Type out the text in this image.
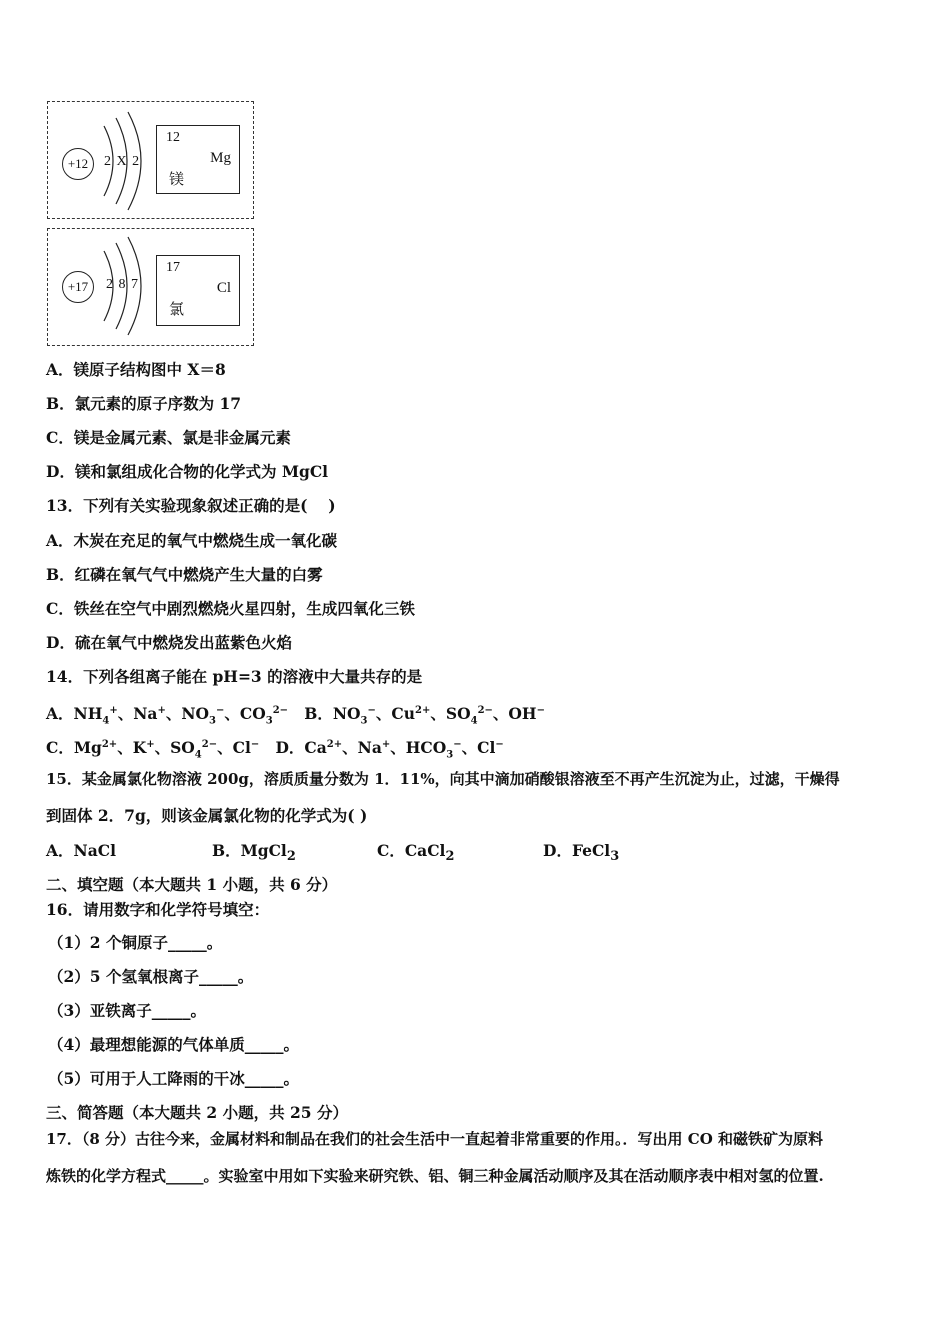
+12	2 X 2
12
Mg
镁
+17	2 8 7
17
Cl
氯
A．镁原子结构图中 X＝8
B．氯元素的原子序数为 17
C．镁是金属元素、氯是非金属元素
D．镁和氯组成化合物的化学式为 MgCl
13．下列有关实验现象叙述正确的是(　 )
A．木炭在充足的氧气中燃烧生成一氧化碳
B．红磷在氧气气中燃烧产生大量的白雾
C．铁丝在空气中剧烈燃烧火星四射，生成四氧化三铁
D．硫在氧气中燃烧发出蓝紫色火焰
14．下列各组离子能在 pH=3 的溶液中大量共存的是
A．$NH_4^+$、Na+、$NO_3^-$、$CO_3^{2-}$ B．$NO_3^-$、$Cu^{2+}$、$SO_4^{2-}$、OH−
C．$Mg^{2+}$、K+、$SO_4^{2-}$、Cl− D．$Ca^{2+}$、Na+、$HCO_3^-$、Cl−
15．某金属氯化物溶液 200g，溶质质量分数为 1．11%，向其中滴加硝酸银溶液至不再产生沉淀为止，过滤，干燥得
到固体 2．7g，则该金属氯化物的化学式为( )
A．NaCl	B．MgCl$_2$	C．CaCl$_2$	D．FeCl$_3$
二、填空题（本大题共 1 小题，共 6 分）
16．请用数字和化学符号填空：
（1）2 个铜原子_____。
（2）5 个氢氧根离子_____。
（3）亚铁离子_____。
（4）最理想能源的气体单质_____。
（5）可用于人工降雨的干冰_____。
三、简答题（本大题共 2 小题，共 25 分）
17．（8 分）古往今来，金属材料和制品在我们的社会生活中一直起着非常重要的作用。．写出用 CO 和磁铁矿为原料
炼铁的化学方程式_____。实验室中用如下实验来研究铁、铝、铜三种金属活动顺序及其在活动顺序表中相对氢的位置.
